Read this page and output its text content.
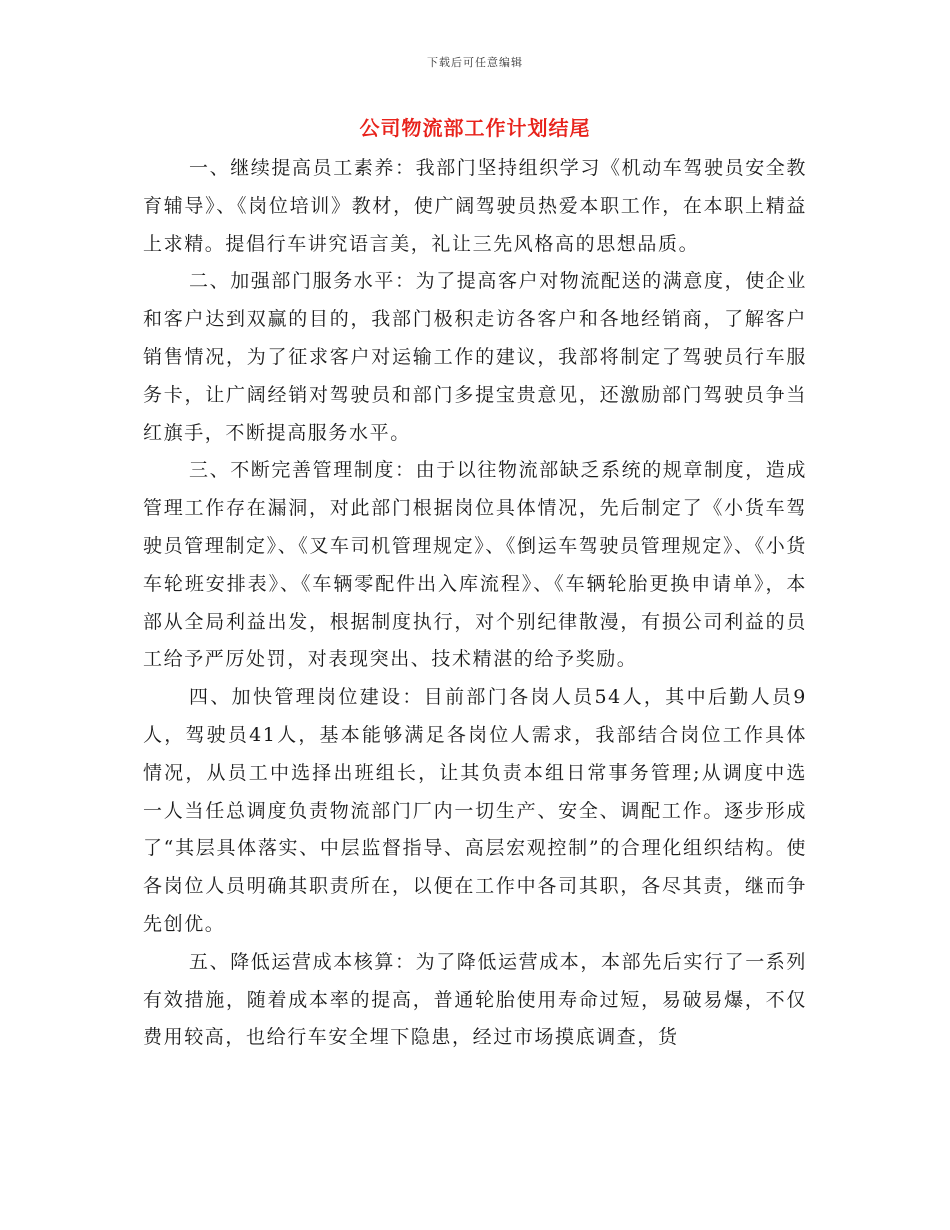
下载后可任意编辑
公司物流部工作计划结尾

一、继续提高员工素养：我部门坚持组织学习《机动车驾驶员安全教育辅导》、《岗位培训》教材，使广阔驾驶员热爱本职工作，在本职上精益上求精。提倡行车讲究语言美，礼让三先风格高的思想品质。

二、加强部门服务水平：为了提高客户对物流配送的满意度，使企业和客户达到双赢的目的，我部门极积走访各客户和各地经销商，了解客户销售情况，为了征求客户对运输工作的建议，我部将制定了驾驶员行车服务卡，让广阔经销对驾驶员和部门多提宝贵意见，还激励部门驾驶员争当红旗手，不断提高服务水平。

三、不断完善管理制度：由于以往物流部缺乏系统的规章制度，造成管理工作存在漏洞，对此部门根据岗位具体情况，先后制定了《小货车驾驶员管理制定》、《叉车司机管理规定》、《倒运车驾驶员管理规定》、《小货车轮班安排表》、《车辆零配件出入库流程》、《车辆轮胎更换申请单》，本部从全局利益出发，根据制度执行，对个别纪律散漫，有损公司利益的员工给予严厉处罚，对表现突出、技术精湛的给予奖励。

四、加快管理岗位建设：目前部门各岗人员54人，其中后勤人员9人，驾驶员41人，基本能够满足各岗位人需求，我部结合岗位工作具体情况，从员工中选择出班组长，让其负责本组日常事务管理;从调度中选一人当任总调度负责物流部门厂内一切生产、安全、调配工作。逐步形成了“其层具体落实、中层监督指导、高层宏观控制”的合理化组织结构。使各岗位人员明确其职责所在，以便在工作中各司其职，各尽其责，继而争先创优。

五、降低运营成本核算：为了降低运营成本，本部先后实行了一系列有效措施，随着成本率的提高，普通轮胎使用寿命过短，易破易爆，不仅费用较高，也给行车安全埋下隐患，经过市场摸底调查，货
